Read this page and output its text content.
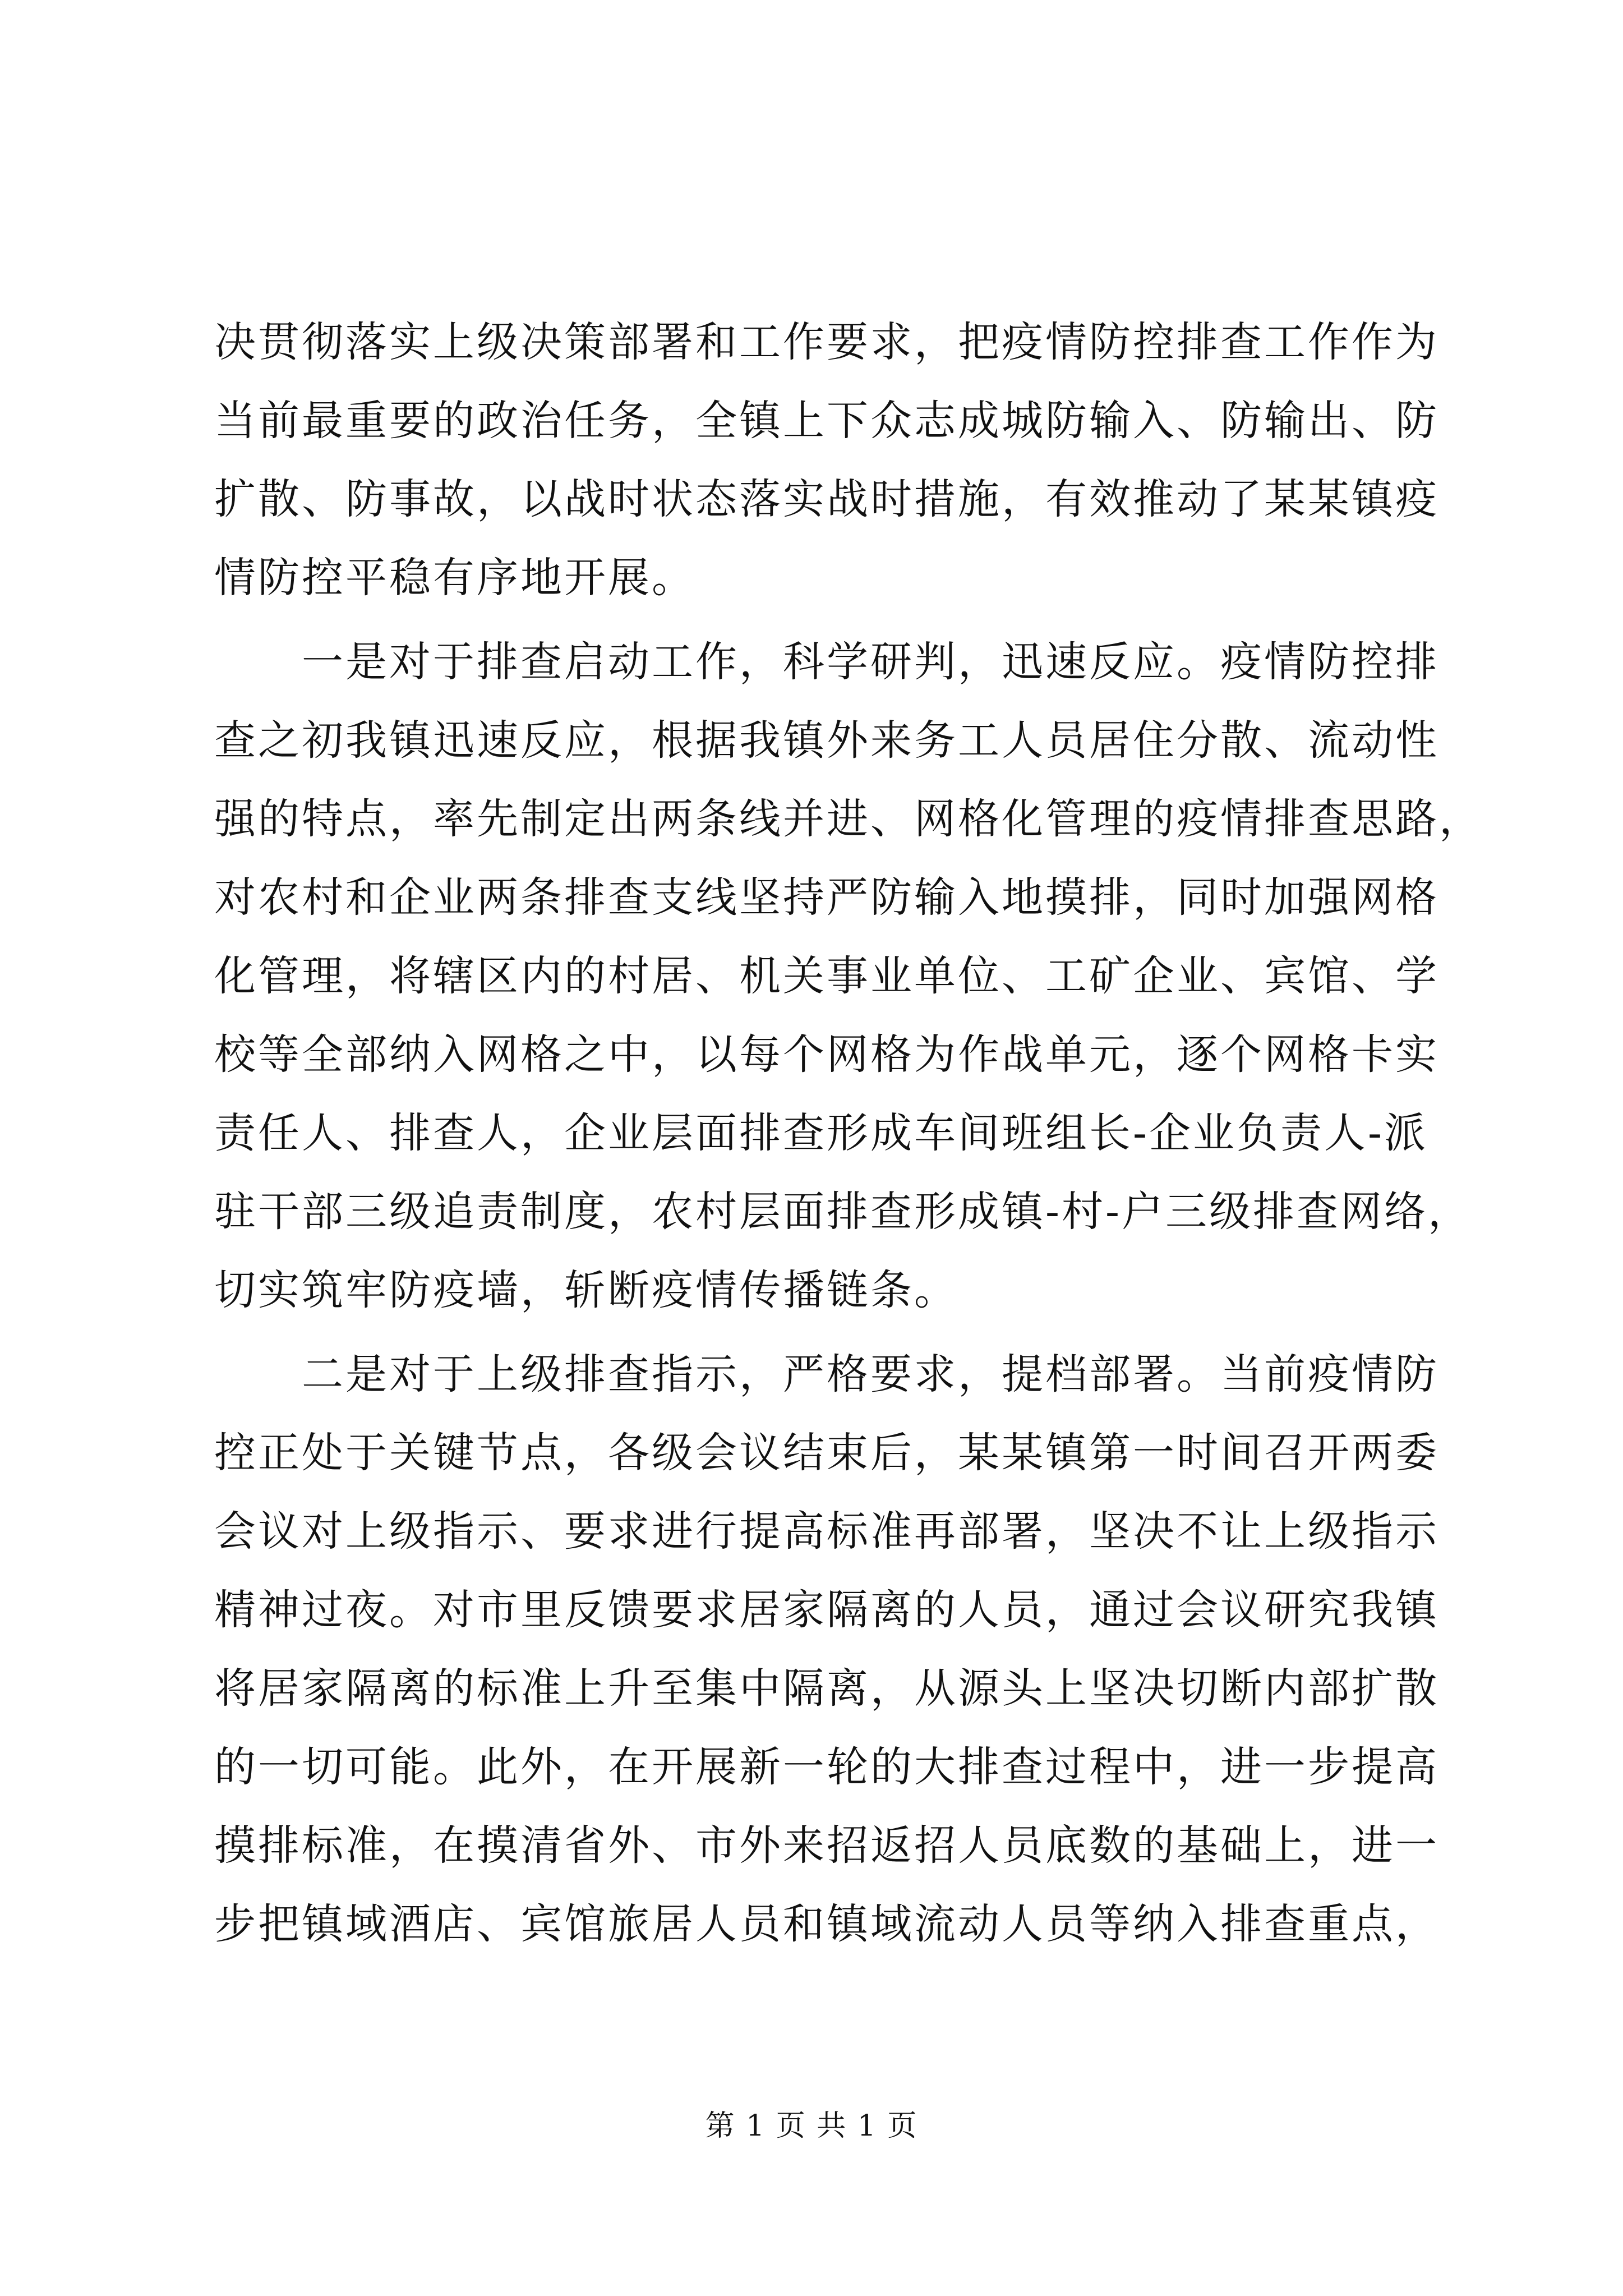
决贯彻落实上级决策部署和工作要求，把疫情防控排查工作作为
当前最重要的政治任务，全镇上下众志成城防输入、防输出、防
扩散、防事故，以战时状态落实战时措施，有效推动了某某镇疫
情防控平稳有序地开展。
一是对于排查启动工作，科学研判，迅速反应。疫情防控排
查之初我镇迅速反应，根据我镇外来务工人员居住分散、流动性
强的特点，率先制定出两条线并进、网格化管理的疫情排查思路，
对农村和企业两条排查支线坚持严防输入地摸排，同时加强网格
化管理，将辖区内的村居、机关事业单位、工矿企业、宾馆、学
校等全部纳入网格之中，以每个网格为作战单元，逐个网格卡实
责任人、排查人，企业层面排查形成车间班组长-企业负责人-派
驻干部三级追责制度，农村层面排查形成镇-村-户三级排查网络，
切实筑牢防疫墙，斩断疫情传播链条。
二是对于上级排查指示，严格要求，提档部署。当前疫情防
控正处于关键节点，各级会议结束后，某某镇第一时间召开两委
会议对上级指示、要求进行提高标准再部署，坚决不让上级指示
精神过夜。对市里反馈要求居家隔离的人员，通过会议研究我镇
将居家隔离的标准上升至集中隔离，从源头上坚决切断内部扩散
的一切可能。此外，在开展新一轮的大排查过程中，进一步提高
摸排标准，在摸清省外、市外来招返招人员底数的基础上，进一
步把镇域酒店、宾馆旅居人员和镇域流动人员等纳入排查重点，
第 1 页 共 1 页
